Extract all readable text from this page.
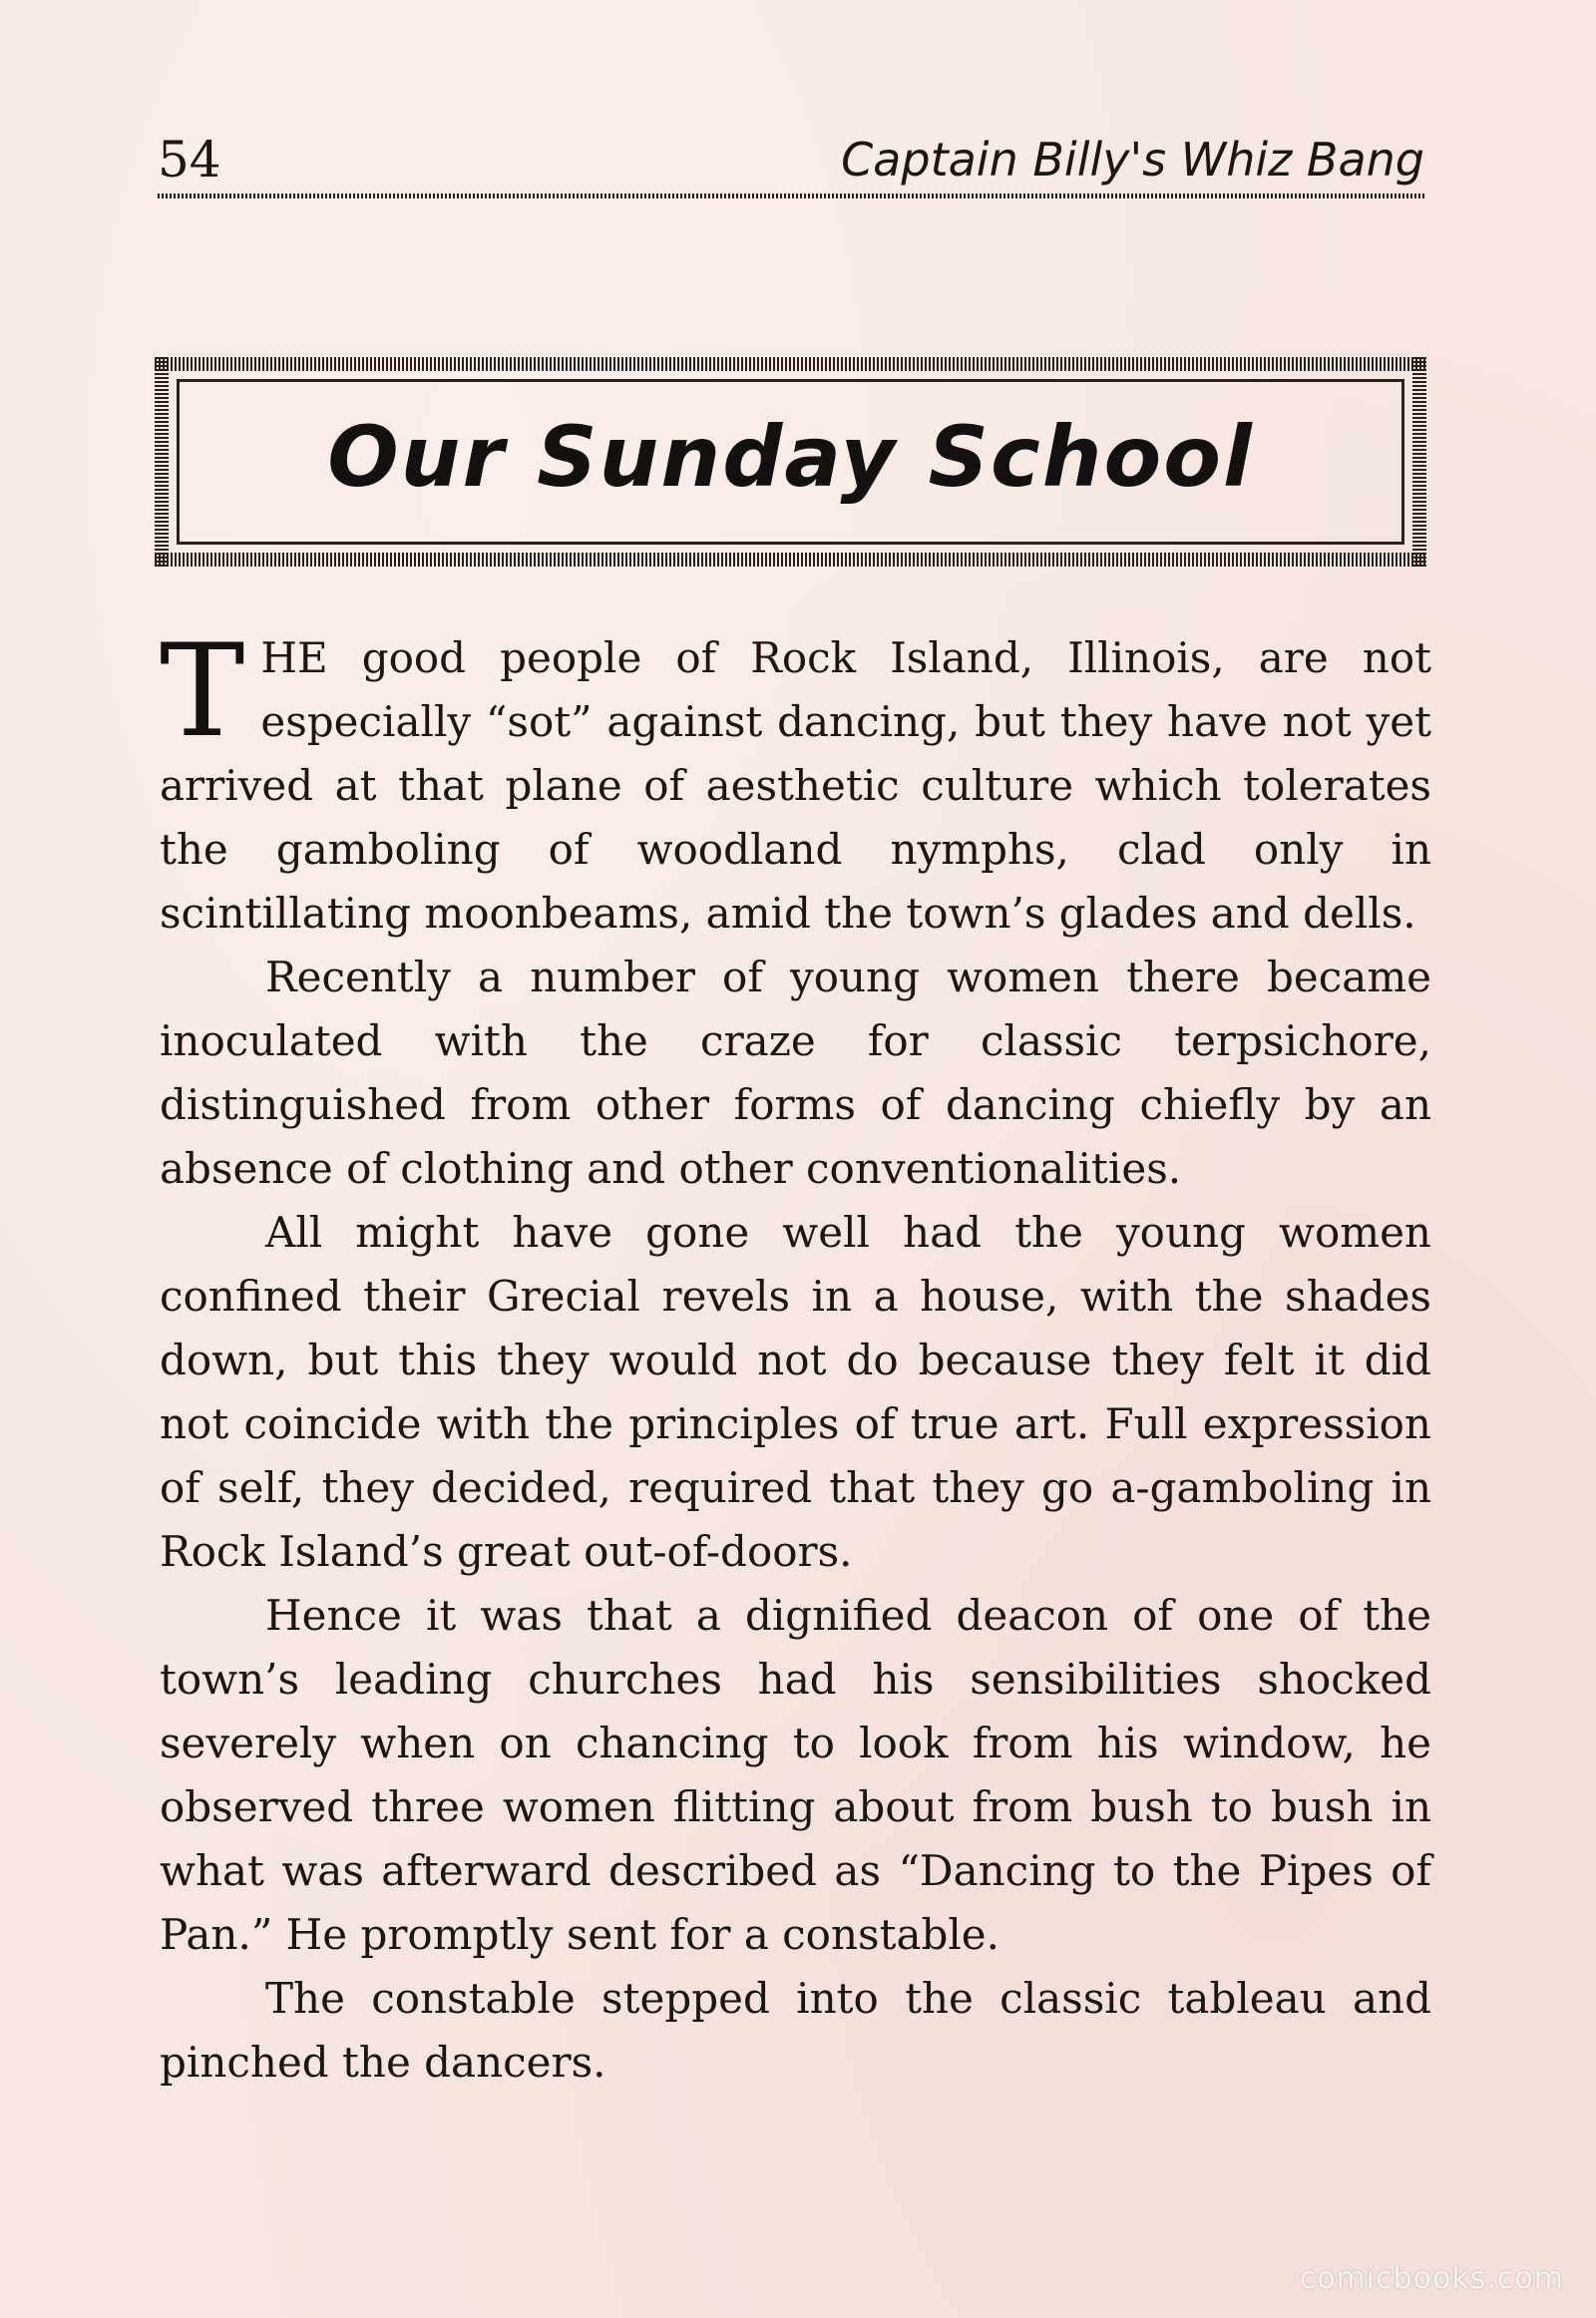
54	Captain Billy's Whiz Bang
Our Sunday School

THE good people of Rock Island, Illinois, are not especially “sot” against dancing, but they have not yet arrived at that plane of aesthetic culture which tolerates the gamboling of woodland nymphs, clad only in scintillating moonbeams, amid the town’s glades and dells.

Recently a number of young women there became inoculated with the craze for classic terpsichore, distinguished from other forms of dancing chiefly by an absence of clothing and other conventionalities.

All might have gone well had the young women confined their Grecial revels in a house, with the shades down, but this they would not do because they felt it did not coincide with the principles of true art. Full expression of self, they decided, required that they go a-gamboling in Rock Island’s great out-of-doors.

Hence it was that a dignified deacon of one of the town’s leading churches had his sensibilities shocked severely when on chancing to look from his window, he observed three women flitting about from bush to bush in what was afterward described as “Dancing to the Pipes of Pan.” He promptly sent for a constable.

The constable stepped into the classic tableau and pinched the dancers.

comicbooks.com
